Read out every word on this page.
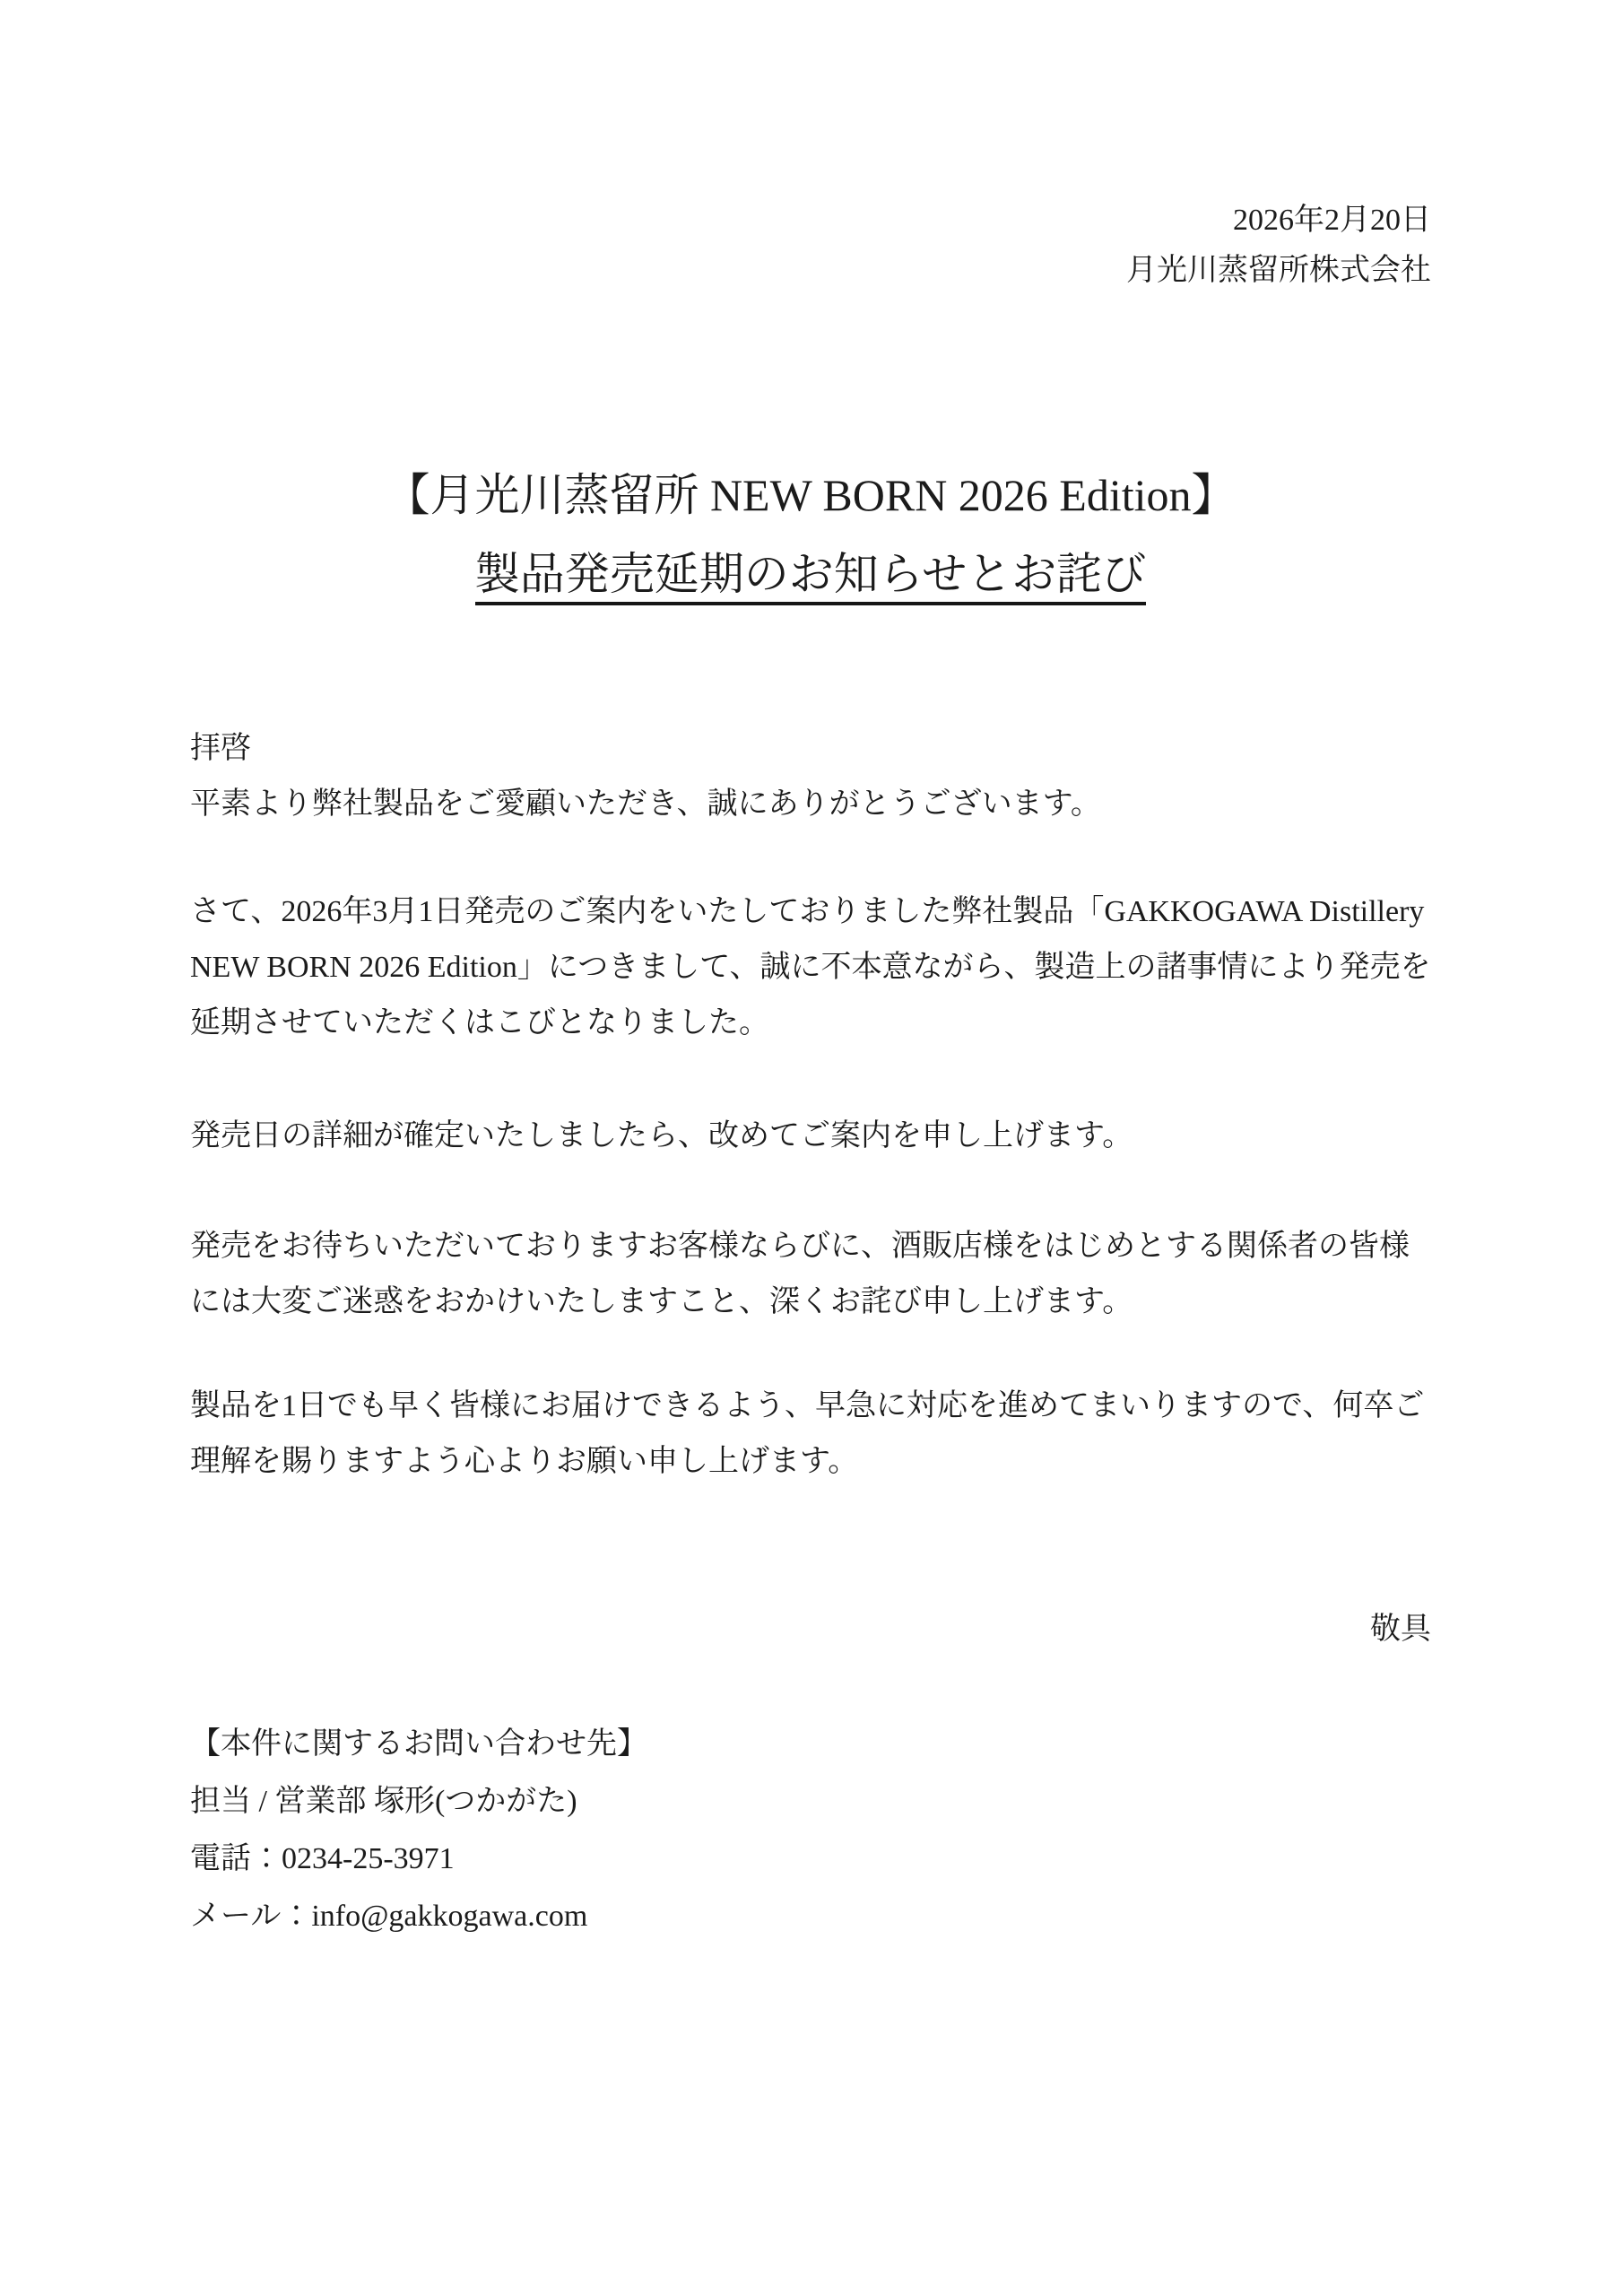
2026年2月20日
月光川蒸留所株式会社
【月光川蒸留所 NEW BORN 2026 Edition】
製品発売延期のお知らせとお詫び
拝啓
平素より弊社製品をご愛顧いただき、誠にありがとうございます。
さて、2026年3月1日発売のご案内をいたしておりました弊社製品「GAKKOGAWA Distillery NEW BORN 2026 Edition」につきまして、誠に不本意ながら、製造上の諸事情により発売を延期させていただくはこびとなりました。
発売日の詳細が確定いたしましたら、改めてご案内を申し上げます。
発売をお待ちいただいておりますお客様ならびに、酒販店様をはじめとする関係者の皆様には大変ご迷惑をおかけいたしますこと、深くお詫び申し上げます。
製品を1日でも早く皆様にお届けできるよう、早急に対応を進めてまいりますので、何卒ご理解を賜りますよう心よりお願い申し上げます。
敬具
【本件に関するお問い合わせ先】
担当 / 営業部 塚形(つかがた)
電話：0234-25-3971
メール：info@gakkogawa.com
